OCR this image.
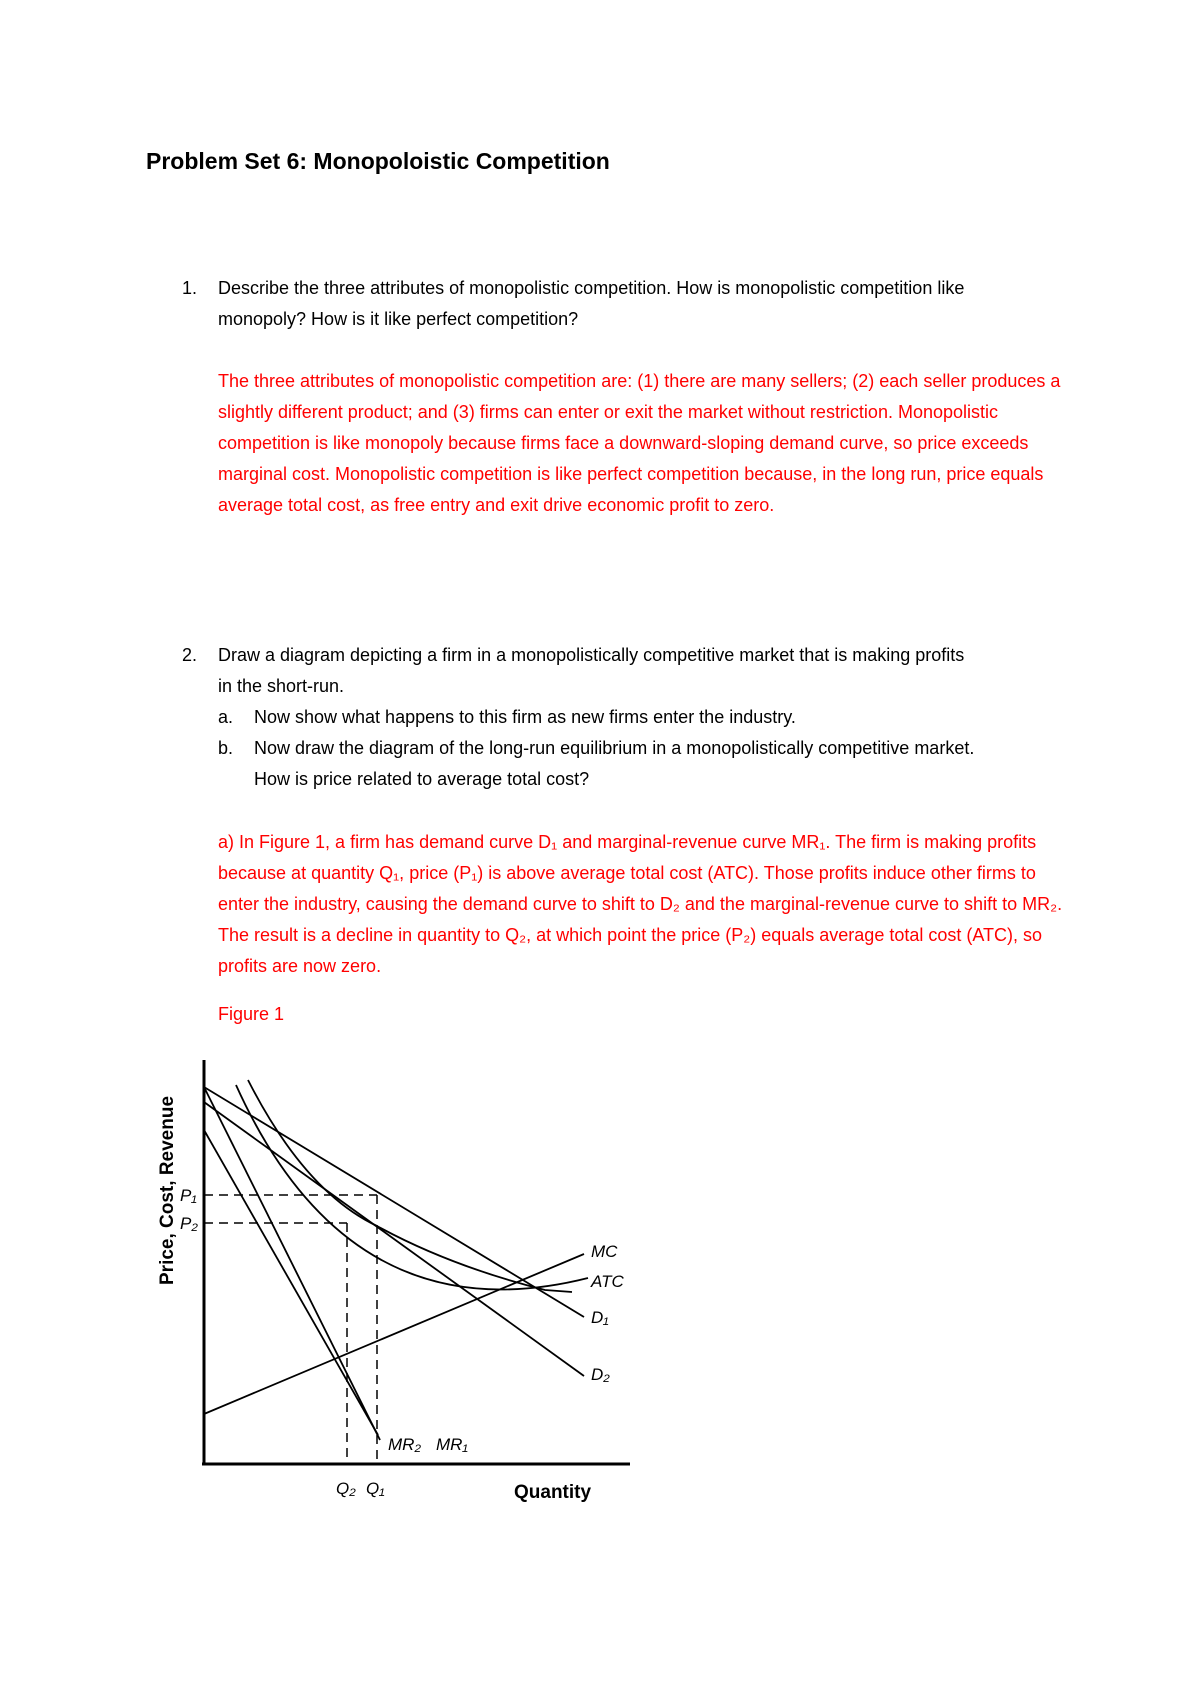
Problem Set 6: Monopoloistic Competition
1.	Describe the three attributes of monopolistic competition. How is monopolistic competition like monopoly? How is it like perfect competition?
The three attributes of monopolistic competition are: (1) there are many sellers; (2) each seller produces a slightly different product; and (3) firms can enter or exit the market without restriction. Monopolistic competition is like monopoly because firms face a downward-sloping demand curve, so price exceeds marginal cost. Monopolistic competition is like perfect competition because, in the long run, price equals average total cost, as free entry and exit drive economic profit to zero.
2.	Draw a diagram depicting a firm in a monopolistically competitive market that is making profits in the short-run.
a. Now show what happens to this firm as new firms enter the industry.
b. Now draw the diagram of the long-run equilibrium in a monopolistically competitive market. How is price related to average total cost?
a) In Figure 1, a firm has demand curve D₁ and marginal-revenue curve MR₁. The firm is making profits because at quantity Q₁, price (P₁) is above average total cost (ATC). Those profits induce other firms to enter the industry, causing the demand curve to shift to D₂ and the marginal-revenue curve to shift to MR₂. The result is a decline in quantity to Q₂, at which point the price (P₂) equals average total cost (ATC), so profits are now zero.
Figure 1
Price, Cost, Revenue
Quantity
P₁
P₂
Q₂ Q₁
MC
ATC
D₁
D₂
MR₂ MR₁
